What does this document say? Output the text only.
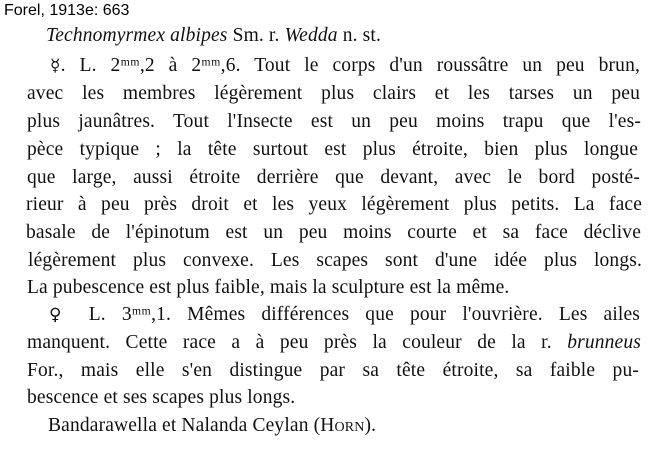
Forel, 1913e: 663
Technomyrmex albipes Sm. r. Wedda n. st.
☿. L. 2ᵐᵐ,2 à 2ᵐᵐ,6. Tout le corps d'un roussâtre un peu brun,
avec les membres légèrement plus clairs et les tarses un peu
plus jaunâtres. Tout l'Insecte est un peu moins trapu que l'es-
pèce typique ; la tête surtout est plus étroite, bien plus longue
que large, aussi étroite derrière que devant, avec le bord posté-
rieur à peu près droit et les yeux légèrement plus petits. La face
basale de l'épinotum est un peu moins courte et sa face déclive
légèrement plus convexe. Les scapes sont d'une idée plus longs.
La pubescence est plus faible, mais la sculpture est la même.
♀ L. 3ᵐᵐ,1. Mêmes différences que pour l'ouvrière. Les ailes
manquent. Cette race a à peu près la couleur de la r. brunneus
For., mais elle s'en distingue par sa tête étroite, sa faible pu-
bescence et ses scapes plus longs.
Bandarawella et Nalanda Ceylan (Horn).
